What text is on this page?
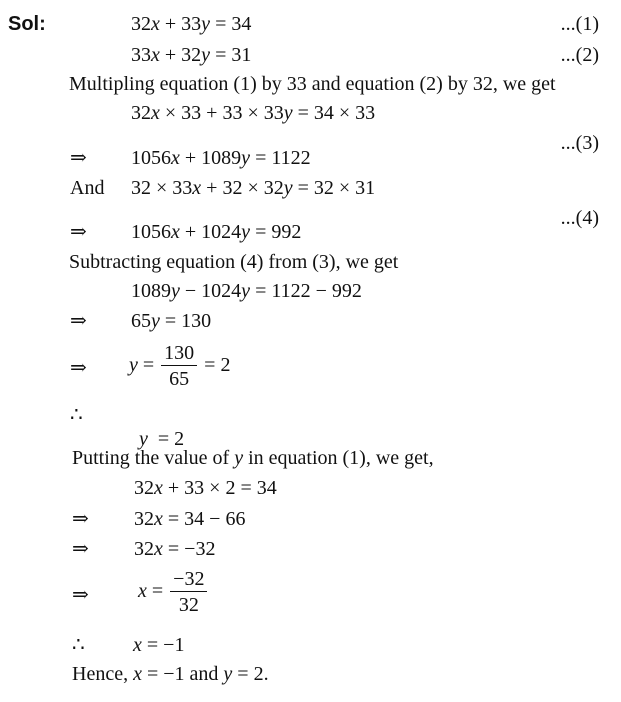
Sol:	32x + 33y = 34	...(1)
33x + 32y = 31	...(2)
Multipling equation (1) by 33 and equation (2) by 32, we get
32x × 33 + 33 × 33y = 34 × 33
⇒ 1056x + 1089y = 1122
...(3)
And 32 × 33x + 32 × 32y = 32 × 31
⇒ 1056x + 1024y = 992
...(4)
Subtracting equation (4) from (3), we get
1089y − 1024y = 1122 − 992
⇒ 65y = 130
⇒ $y = \frac{130}{65} = 2$
∴

y  = 2

Putting the value of y in equation (1), we get,
32x + 33 × 2 = 34
⇒ 32x = 34 − 66
⇒ 32x = −32
⇒ $x = \frac{-32}{32}$
∴ x = −1
Hence, x = −1 and y = 2.
